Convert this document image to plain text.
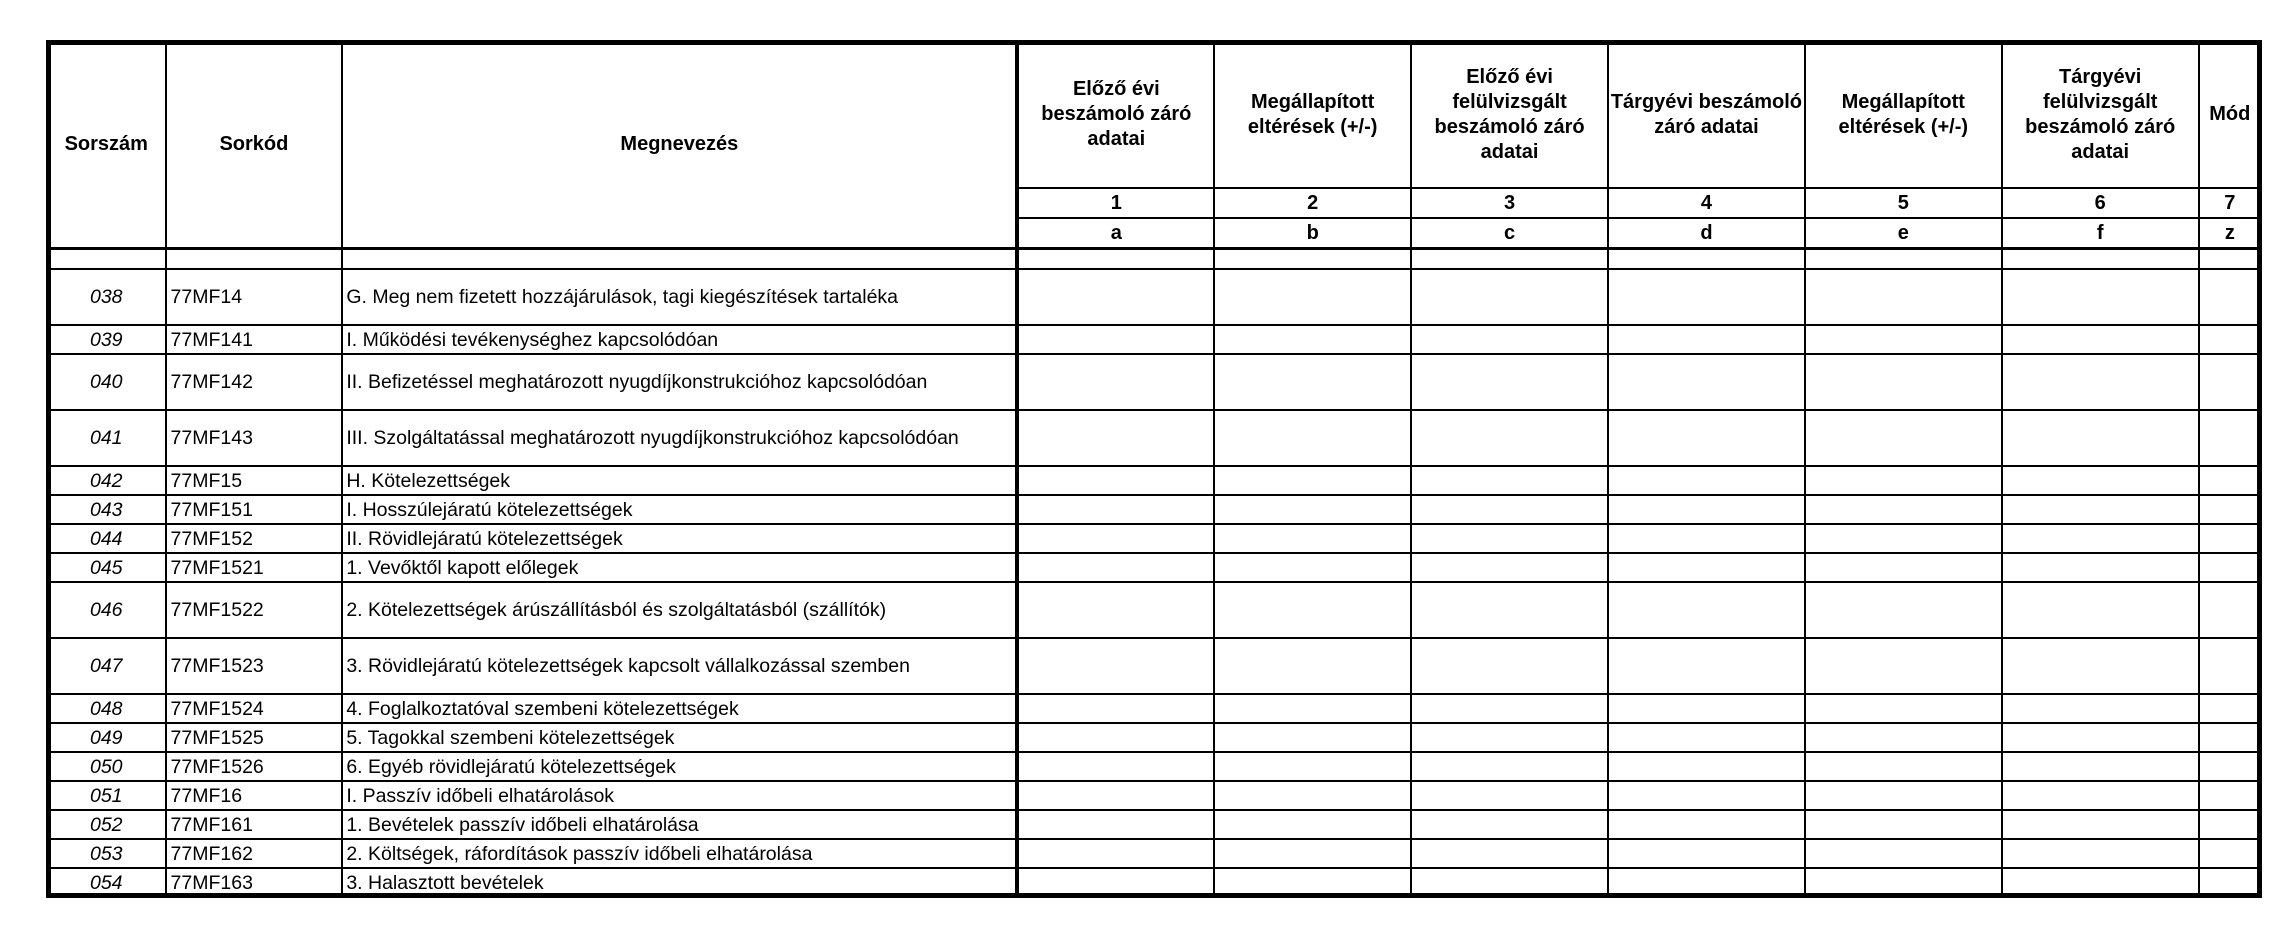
Sorszám	Sorkód	Megnevezés	Előző évi beszámoló záró adatai	Megállapított eltérések (+/-)	Előző évi felülvizsgált beszámoló záró adatai	Tárgyévi beszámoló záró adatai	Megállapított eltérések (+/-)	Tárgyévi felülvizsgált beszámoló záró adatai	Mód
			1	2	3	4	5	6	7
			a	b	c	d	e	f	z

038	77MF14	G. Meg nem fizetett hozzájárulások, tagi kiegészítések tartaléka							
039	77MF141	I. Működési tevékenységhez kapcsolódóan							
040	77MF142	II. Befizetéssel meghatározott nyugdíjkonstrukcióhoz kapcsolódóan							
041	77MF143	III. Szolgáltatással meghatározott nyugdíjkonstrukcióhoz kapcsolódóan							
042	77MF15	H. Kötelezettségek							
043	77MF151	I. Hosszúlejáratú kötelezettségek							
044	77MF152	II. Rövidlejáratú kötelezettségek							
045	77MF1521	1. Vevőktől kapott előlegek							
046	77MF1522	2. Kötelezettségek árúszállításból és szolgáltatásból (szállítók)							
047	77MF1523	3. Rövidlejáratú kötelezettségek kapcsolt vállalkozással szemben							
048	77MF1524	4. Foglalkoztatóval szembeni kötelezettségek							
049	77MF1525	5. Tagokkal szembeni kötelezettségek							
050	77MF1526	6. Egyéb rövidlejáratú kötelezettségek							
051	77MF16	I. Passzív időbeli elhatárolások							
052	77MF161	1. Bevételek passzív időbeli elhatárolása							
053	77MF162	2. Költségek, ráfordítások passzív időbeli elhatárolása							
054	77MF163	3. Halasztott bevételek							
